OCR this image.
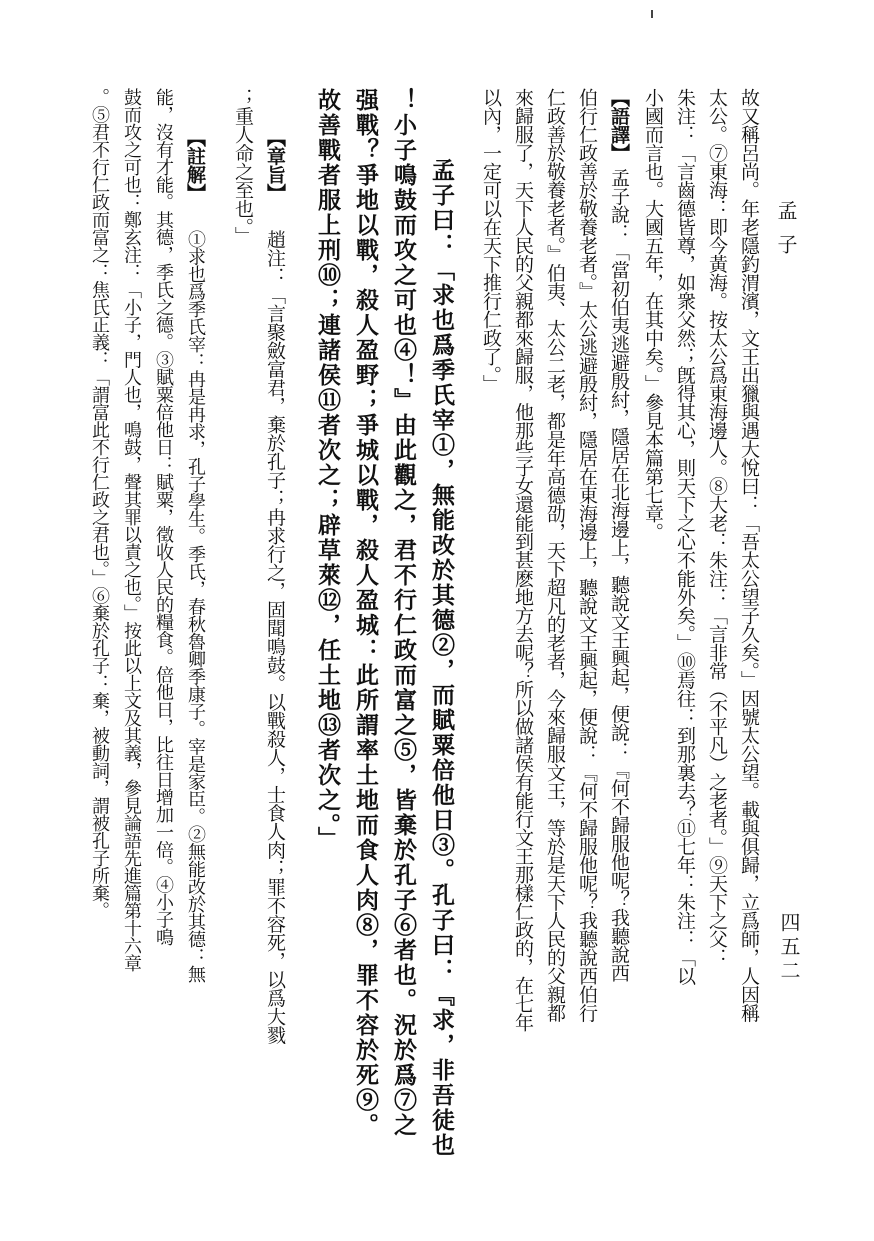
孟子
四五二
故又稱呂尚。年老隱釣渭濱，文王出獵與遇大悅曰：「吾太公望子久矣。」因號太公望。載與俱歸，立爲師，人因稱
太公。⑦東海：即今黃海。按太公爲東海邊人。⑧大老：朱注：「言非常（不平凡）之老者。」⑨天下之父：
朱注：「言齒德皆尊，如衆父然；旣得其心，則天下之心不能外矣。」⑩焉往：到那裏去？⑪七年：朱注：「以
小國而言也。大國五年，在其中矣。」參見本篇第七章。
【語譯】
孟子說：「當初伯夷逃避殷紂，隱居在北海邊上，聽說文王興起，便說：『何不歸服他呢？我聽說西
伯行仁政善於敬養老者。』太公逃避殷紂，隱居在東海邊上，聽說文王興起，便說：『何不歸服他呢？我聽說西伯行
仁政善於敬養老者。』伯夷、太公二老，都是年高德劭，天下超凡的老者，今來歸服文王，等於是天下人民的父親都
來歸服了，天下人民的父親都來歸服，他那些子女還能到甚麽地方去呢？所以做諸侯有能行文王那樣仁政的，在七年
以內，一定可以在天下推行仁政了。」
孟子曰：「求也爲季氏宰①，無能改於其德②，而賦粟倍他日③。孔子曰：『求，非吾徒也
！小子鳴鼓而攻之可也④！』由此觀之，君不行仁政而富之⑤，皆棄於孔子⑥者也。況於爲⑦之
强戰？爭地以戰，殺人盈野；爭城以戰，殺人盈城：此所謂率土地而食人肉⑧，罪不容於死⑨。
故善戰者服上刑⑩；連諸侯⑪者次之；辟草萊⑫，任土地⑬者次之。」
【章旨】
趙注：「言聚斂富君，棄於孔子；冉求行之，固聞鳴鼓。以戰殺人，士食人肉；罪不容死，以爲大戮
；重人命之至也。」
【註解】
①求也爲季氏宰：冉是冉求，孔子學生。季氏，春秋魯卿季康子。宰是家臣。②無能改於其德：無
能，沒有才能。其德，季氏之德。③賦粟倍他日：賦粟，徵收人民的糧食。倍他日，比往日增加一倍。④小子鳴
鼓而攻之可也：鄭玄注：「小子，門人也，鳴鼓，聲其罪以責之也。」按此以上文及其義，參見論語先進篇第十六章
。⑤君不行仁政而富之：焦氏正義：「謂富此不行仁政之君也。」⑥棄於孔子：棄，被動詞，謂被孔子所棄。
